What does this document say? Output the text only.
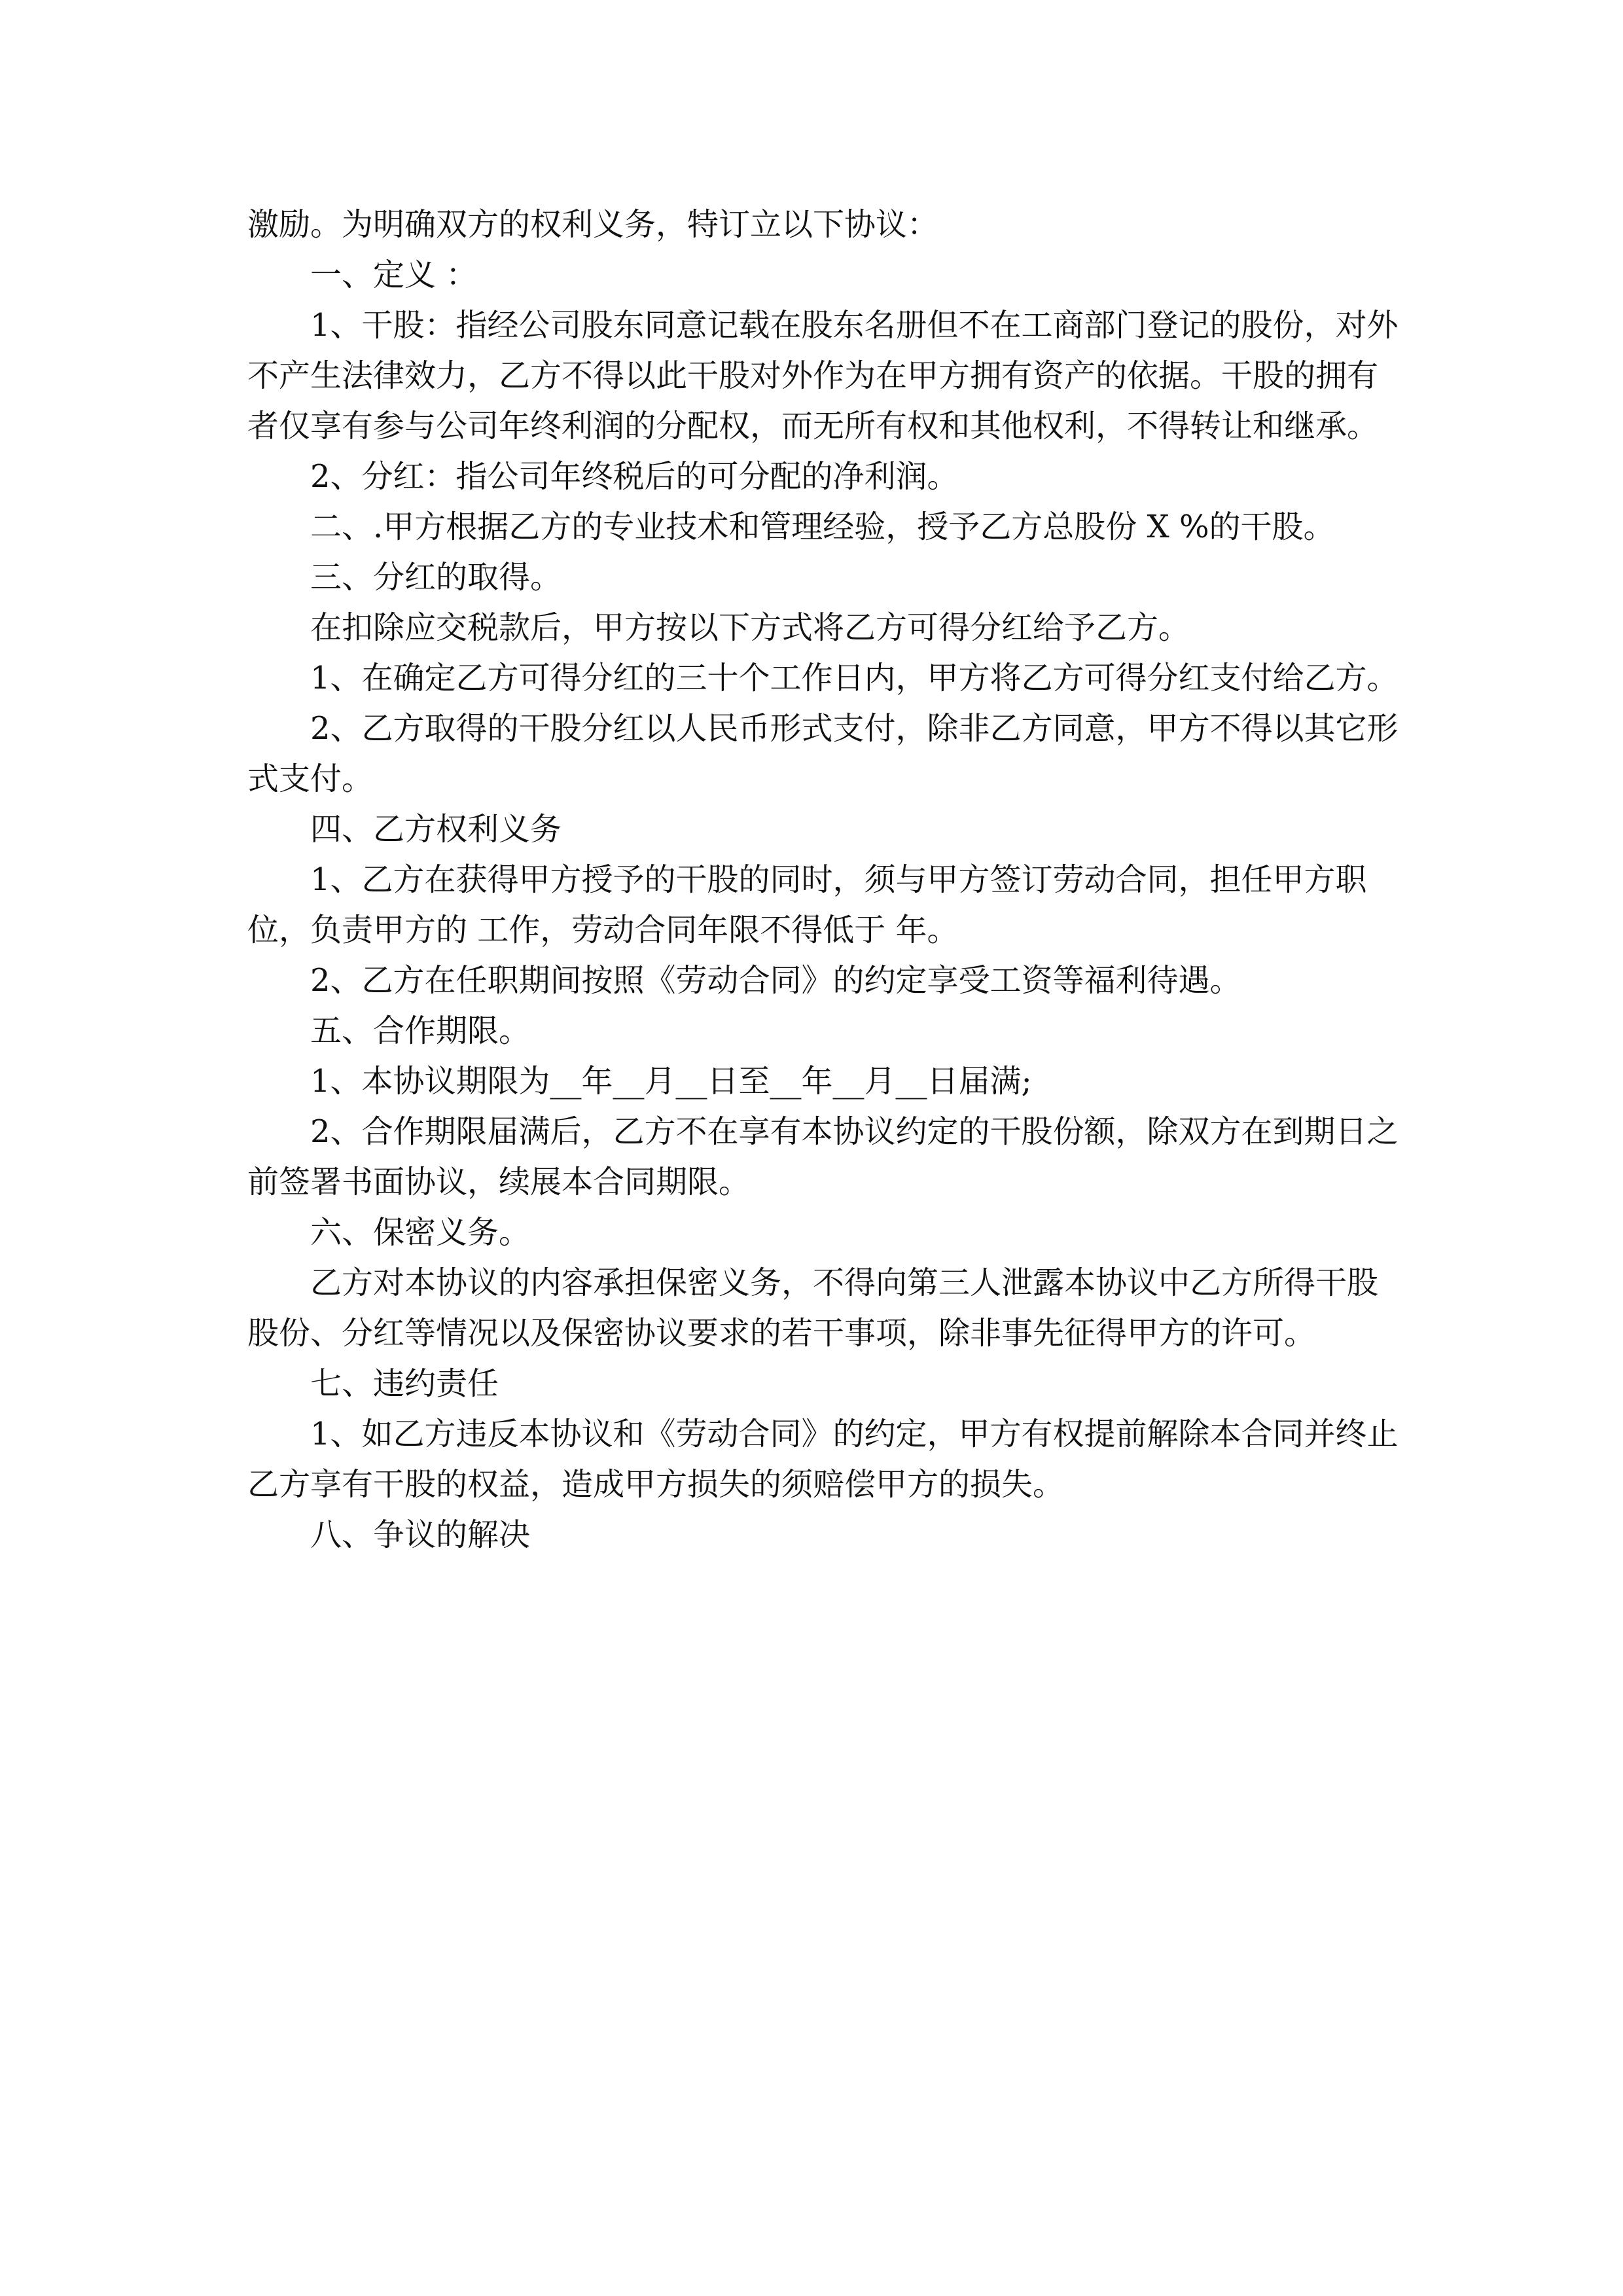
激励。为明确双方的权利义务，特订立以下协议：

一、定义 ：

1、干股：指经公司股东同意记载在股东名册但不在工商部门登记的股份，对外不产生法律效力，乙方不得以此干股对外作为在甲方拥有资产的依据。干股的拥有者仅享有参与公司年终利润的分配权，而无所有权和其他权利，不得转让和继承。

2、分红：指公司年终税后的可分配的净利润。

二、.甲方根据乙方的专业技术和管理经验，授予乙方总股份 X %的干股。

三、分红的取得。

在扣除应交税款后，甲方按以下方式将乙方可得分红给予乙方。

1、在确定乙方可得分红的三十个工作日内，甲方将乙方可得分红支付给乙方。

2、乙方取得的干股分红以人民币形式支付，除非乙方同意，甲方不得以其它形式支付。

四、乙方权利义务

1、乙方在获得甲方授予的干股的同时，须与甲方签订劳动合同，担任甲方职位，负责甲方的 工作，劳动合同年限不得低于 年。

2、乙方在任职期间按照《劳动合同》的约定享受工资等福利待遇。

五、合作期限。

1、本协议期限为__年__月__日至__年__月__日届满;

2、合作期限届满后，乙方不在享有本协议约定的干股份额，除双方在到期日之前签署书面协议，续展本合同期限。

六、保密义务。

乙方对本协议的内容承担保密义务，不得向第三人泄露本协议中乙方所得干股股份、分红等情况以及保密协议要求的若干事项，除非事先征得甲方的许可。

七、违约责任

1、如乙方违反本协议和《劳动合同》的约定，甲方有权提前解除本合同并终止乙方享有干股的权益，造成甲方损失的须赔偿甲方的损失。

八、争议的解决
